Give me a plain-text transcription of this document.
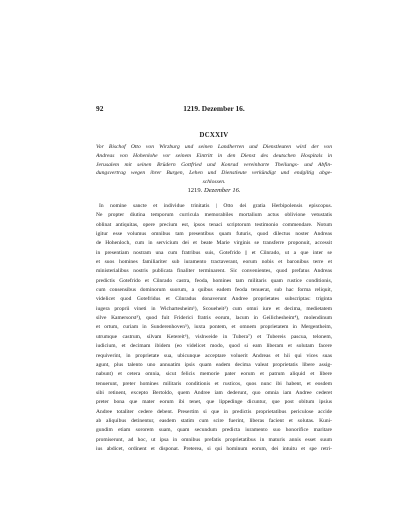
92	1219. Dezember 16.
DCXXIV
Vor Bischof Otto von Wirzburg und seinen Landherren und Dienstleuten wird der von
Andreas von Hohenlohe vor seinem Eintritt in den Dienst des deutschen Hospitals in
Jerusalem mit seinen Brüdern Gottfried und Konrad vereinbarte Theilungs- und Abfin-
dungsvertrag wegen ihrer Burgen, Lehen und Dienstleute verkündigt und endgiltig abge-
schlossen.
1219. Dezember 16.
In nomine sancte et individue trinitatis | Otto dei gratia Herbipolensis episcopus.
Ne propter diutina temporum curricula memorabiles mortalium actus oblivione vetustatis
oblinat antiquitas, opere precium est, ipsos tenaci scriptorum testimonio commendare. Notum
igitur esse volumus omnibus tam presentibus quam futuris, quod dilectus noster Andreas
de Hohenloch, cum in servicium dei et beate Marie virginis se transferre proponuit, accessit
in presentiam nostram una cum fratribus suis, Gotefrido || et Cůnrado, ut a que inter se
et suos homines familiariter sub iuramento tractaverant, eorum nobis et baronibus terre et
ministerialibus nostris publicata finaliter terminarent. Sic convenientes, quod prefatus Andreas
predictis Gotefrido et Cůnrado castra, feoda, homines tam militaris quam rustice conditionis,
cum consensibus dominorum suorum, a quibus eadem feoda tenuerat, sub hac forma reliquit,
videlicet quod Gotefridus et Cůnradus donaverunt Andree proprietates subscriptas: triginta
iugera proprii vineti in Wichartesheim¹), Scoueheit²) cum omni iure et decima, medietatem
silve Kamersorst³), quod fuit Friderici fratris eorum, lacum in Geilichesheim⁴), molendinum
et ortum, curiam in Sunderenhoven⁵), iuxta pontem, et omnem proprietatem in Mergentheim,
utrumque castrum, silvam Ketereit⁶), vishweide in Tubera⁷) et Tubereis pascua, telonem,
iudicium, et decimam ibidem (eo videlicet modo, quod si eam liberam et solutam facere
requiverint, in proprietate sua, ubicunque acceptare voluerit Andreas et hii qui vices suas
agunt, plus talento uno annuatim ipsis quam eadem decima valeat proprietatis libere assig-
nabunt) et cetera omnia, sicut felicis memorie pater eorum et patrum aliquid et libere
tenuerunt, preter homines militaris conditionis et rusticos, quos nunc ibi habent, et eosdem
sibi retinent, excepto Bertoldo, quem Andree iam dederunt, quo omnia iam Andree cederet
preter bona que mater eorum ibi tenet, que lippedinge dicuntur, que post obitum ipsius
Andree totaliter cedere debent. Presertim si que in predictis proprietatibus periculose accide
ab aliquibus detinentur, easdem statim cum scire fuerint, liberas facient et solutas. Kuni-
gundim etiam sororem suam, quam secundum predicta iuramento suo honorifice maritare
promiserunt, ad hoc, ut ipsa in omnibus prefatis proprietatibus in maturis annis esset suum
ius abdicet, ordinent et disponat. Preterea, si qui hominum eorum, dei intuitu et spe retri-
